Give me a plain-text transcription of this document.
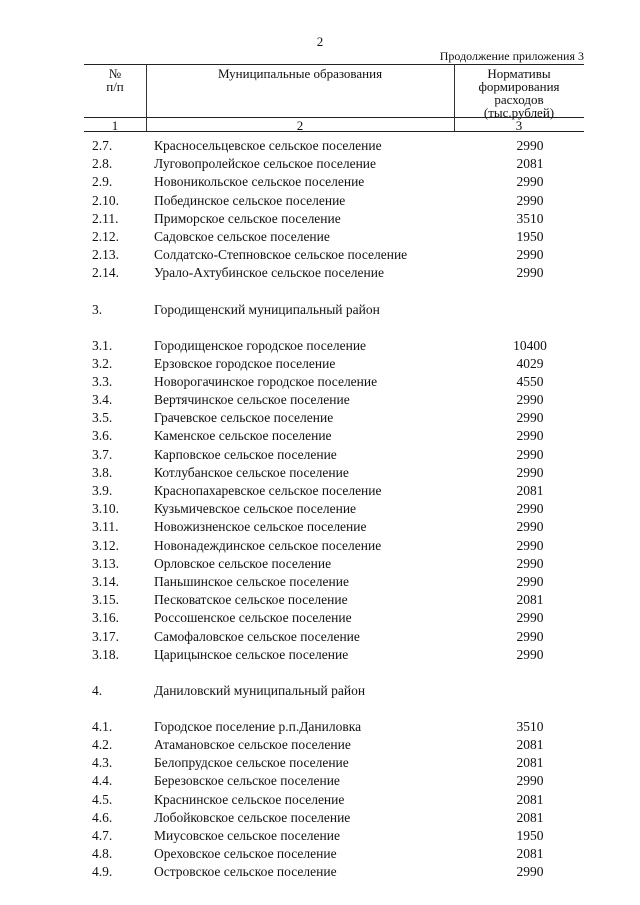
2
Продолжение приложения 3
№
п/п
Муниципальные образования	Нормативы
формирования
расходов
(тыс.рублей)
1	2	3
2.7.	Красносельцевское сельское поселение	2990
2.8.	Луговопролейское сельское поселение	2081
2.9.	Новоникольское сельское поселение	2990
2.10.	Побединское сельское поселение	2990
2.11.	Приморское сельское поселение	3510
2.12.	Садовское сельское поселение	1950
2.13.	Солдатско-Степновское сельское поселение	2990
2.14.	Урало-Ахтубинское сельское поселение	2990
3.	Городищенский муниципальный район
3.1.	Городищенское городское поселение	10400
3.2.	Ерзовское городское поселение	4029
3.3.	Новорогачинское городское поселение	4550
3.4.	Вертячинское сельское поселение	2990
3.5.	Грачевское сельское поселение	2990
3.6.	Каменское сельское поселение	2990
3.7.	Карповское сельское поселение	2990
3.8.	Котлубанское сельское поселение	2990
3.9.	Краснопахаревское сельское поселение	2081
3.10.	Кузьмичевское сельское поселение	2990
3.11.	Новожизненское сельское поселение	2990
3.12.	Новонадеждинское сельское поселение	2990
3.13.	Орловское сельское поселение	2990
3.14.	Паньшинское сельское поселение	2990
3.15.	Песковатское сельское поселение	2081
3.16.	Россошенское сельское поселение	2990
3.17.	Самофаловское сельское поселение	2990
3.18.	Царицынское сельское поселение	2990
4.	Даниловский муниципальный район
4.1.	Городское поселение р.п.Даниловка	3510
4.2.	Атамановское сельское поселение	2081
4.3.	Белопрудское сельское поселение	2081
4.4.	Березовское сельское поселение	2990
4.5.	Краснинское сельское поселение	2081
4.6.	Лобойковское сельское поселение	2081
4.7.	Миусовское сельское поселение	1950
4.8.	Ореховское сельское поселение	2081
4.9.	Островское сельское поселение	2990
